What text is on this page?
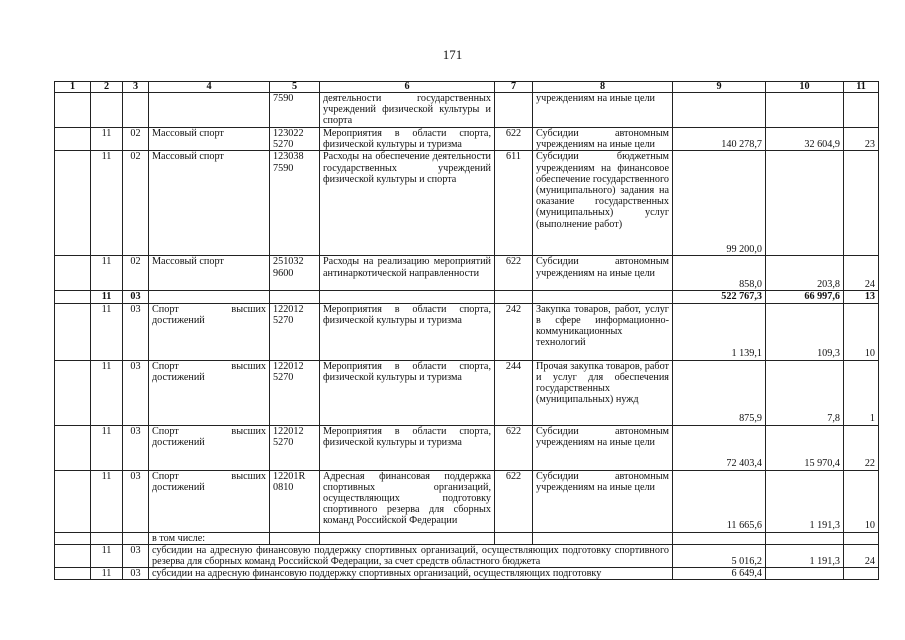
171
1	2	3	4	5	6	7	8	9	10	11
				7590	деятельности государственных учреждений физической культуры и спорта		учреждениям на иные цели			
	11	02	Массовый спорт	123022 5270	Мероприятия в области спорта, физической культуры и туризма	622	Субсидии автономным учреждениям на иные цели	140 278,7	32 604,9	23
	11	02	Массовый спорт	123038 7590	Расходы на обеспечение деятельности государственных учреждений физической культуры и спорта	611	Субсидии бюджетным учреждениям на финансовое обеспечение государственного (муниципального) задания на оказание государственных (муниципальных) услуг (выполнение работ)	99 200,0		
	11	02	Массовый спорт	251032 9600	Расходы на реализацию мероприятий антинаркотической направленности	622	Субсидии автономным учреждениям на иные цели	858,0	203,8	24
	11	03						522 767,3	66 997,6	13
	11	03	Спорт высших достижений	122012 5270	Мероприятия в области спорта, физической культуры и туризма	242	Закупка товаров, работ, услуг в сфере информационно-коммуникационных технологий	1 139,1	109,3	10
	11	03	Спорт высших достижений	122012 5270	Мероприятия в области спорта, физической культуры и туризма	244	Прочая закупка товаров, работ и услуг для обеспечения государственных (муниципальных) нужд	875,9	7,8	1
	11	03	Спорт высших достижений	122012 5270	Мероприятия в области спорта, физической культуры и туризма	622	Субсидии автономным учреждениям на иные цели	72 403,4	15 970,4	22
	11	03	Спорт высших достижений	12201R 0810	Адресная финансовая поддержка спортивных организаций, осуществляющих подготовку спортивного резерва для сборных команд Российской Федерации	622	Субсидии автономным учреждениям на иные цели	11 665,6	1 191,3	10
			в том числе:							
	11	03	субсидии на адресную финансовую поддержку спортивных организаций, осуществляющих подготовку спортивного резерва для сборных команд Российской Федерации, за счет средств областного бюджета					5 016,2	1 191,3	24
	11	03	субсидии на адресную финансовую поддержку спортивных организаций, осуществляющих подготовку					6 649,4		
